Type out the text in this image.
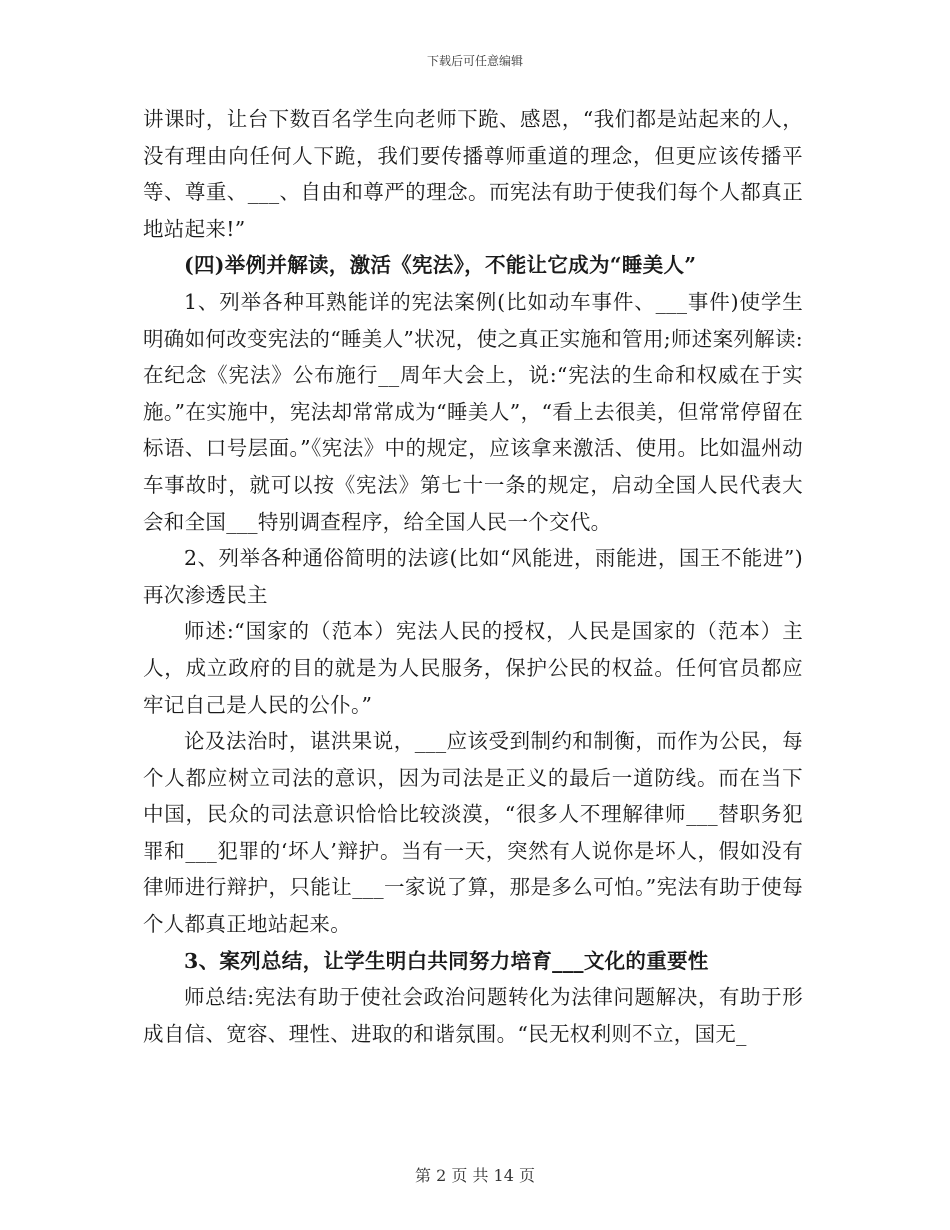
下载后可任意编辑

讲课时，让台下数百名学生向老师下跪、感恩，“我们都是站起来的人，没有理由向任何人下跪，我们要传播尊师重道的理念，但更应该传播平等、尊重、___、自由和尊严的理念。而宪法有助于使我们每个人都真正地站起来!”

(四)举例并解读，激活《宪法》，不能让它成为“睡美人”

1、列举各种耳熟能详的宪法案例(比如动车事件、___事件)使学生明确如何改变宪法的“睡美人”状况，使之真正实施和管用;师述案列解读:在纪念《宪法》公布施行__周年大会上，说:“宪法的生命和权威在于实施。”在实施中，宪法却常常成为“睡美人”，“看上去很美，但常常停留在标语、口号层面。”《宪法》中的规定，应该拿来激活、使用。比如温州动车事故时，就可以按《宪法》第七十一条的规定，启动全国人民代表大会和全国___特别调查程序，给全国人民一个交代。

2、列举各种通俗简明的法谚(比如“风能进，雨能进，国王不能进”)再次渗透民主

师述:“国家的（范本）宪法人民的授权，人民是国家的（范本）主人，成立政府的目的就是为人民服务，保护公民的权益。任何官员都应牢记自己是人民的公仆。”

论及法治时，谌洪果说，___应该受到制约和制衡，而作为公民，每个人都应树立司法的意识，因为司法是正义的最后一道防线。而在当下中国，民众的司法意识恰恰比较淡漠，“很多人不理解律师___替职务犯罪和___犯罪的‘坏人’辩护。当有一天，突然有人说你是坏人，假如没有律师进行辩护，只能让___一家说了算，那是多么可怕。”宪法有助于使每个人都真正地站起来。

3、案列总结，让学生明白共同努力培育___文化的重要性

师总结:宪法有助于使社会政治问题转化为法律问题解决，有助于形成自信、宽容、理性、进取的和谐氛围。“民无权利则不立，国无_

第 2 页 共 14 页
